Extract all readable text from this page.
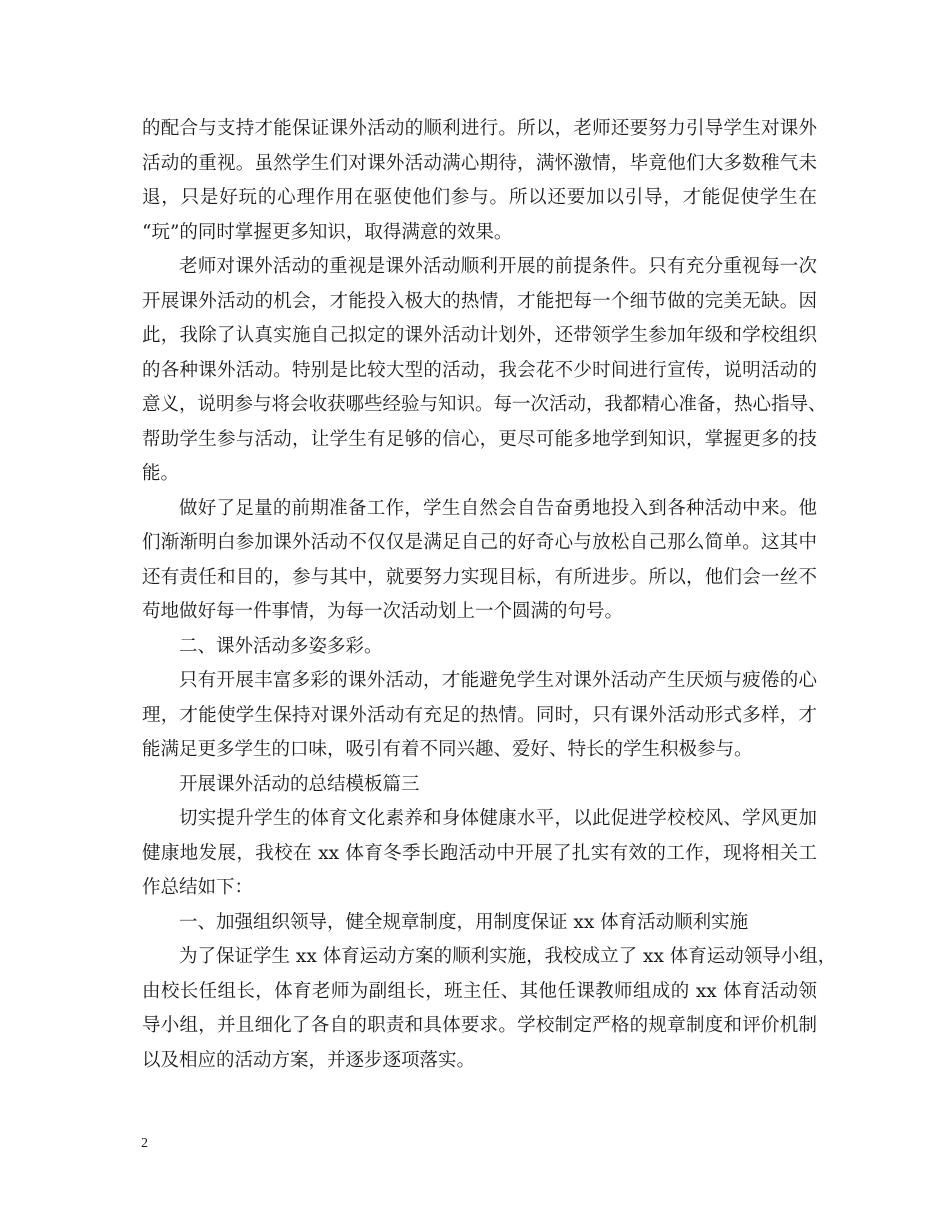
的配合与支持才能保证课外活动的顺利进行。所以，老师还要努力引导学生对课外
活动的重视。虽然学生们对课外活动满心期待，满怀激情，毕竟他们大多数稚气未
退，只是好玩的心理作用在驱使他们参与。所以还要加以引导，才能促使学生在
“玩”的同时掌握更多知识，取得满意的效果。
老师对课外活动的重视是课外活动顺利开展的前提条件。只有充分重视每一次
开展课外活动的机会，才能投入极大的热情，才能把每一个细节做的完美无缺。因
此，我除了认真实施自己拟定的课外活动计划外，还带领学生参加年级和学校组织
的各种课外活动。特别是比较大型的活动，我会花不少时间进行宣传，说明活动的
意义，说明参与将会收获哪些经验与知识。每一次活动，我都精心准备，热心指导、
帮助学生参与活动，让学生有足够的信心，更尽可能多地学到知识，掌握更多的技
能。
做好了足量的前期准备工作，学生自然会自告奋勇地投入到各种活动中来。他
们渐渐明白参加课外活动不仅仅是满足自己的好奇心与放松自己那么简单。这其中
还有责任和目的，参与其中，就要努力实现目标，有所进步。所以，他们会一丝不
苟地做好每一件事情，为每一次活动划上一个圆满的句号。
二、课外活动多姿多彩。
只有开展丰富多彩的课外活动，才能避免学生对课外活动产生厌烦与疲倦的心
理，才能使学生保持对课外活动有充足的热情。同时，只有课外活动形式多样，才
能满足更多学生的口味，吸引有着不同兴趣、爱好、特长的学生积极参与。
开展课外活动的总结模板篇三
切实提升学生的体育文化素养和身体健康水平，以此促进学校校风、学风更加
健康地发展，我校在 xx 体育冬季长跑活动中开展了扎实有效的工作，现将相关工
作总结如下：
一、加强组织领导，健全规章制度，用制度保证 xx 体育活动顺利实施
为了保证学生 xx 体育运动方案的顺利实施，我校成立了 xx 体育运动领导小组，
由校长任组长，体育老师为副组长，班主任、其他任课教师组成的 xx 体育活动领
导小组，并且细化了各自的职责和具体要求。学校制定严格的规章制度和评价机制
以及相应的活动方案，并逐步逐项落实。
2
